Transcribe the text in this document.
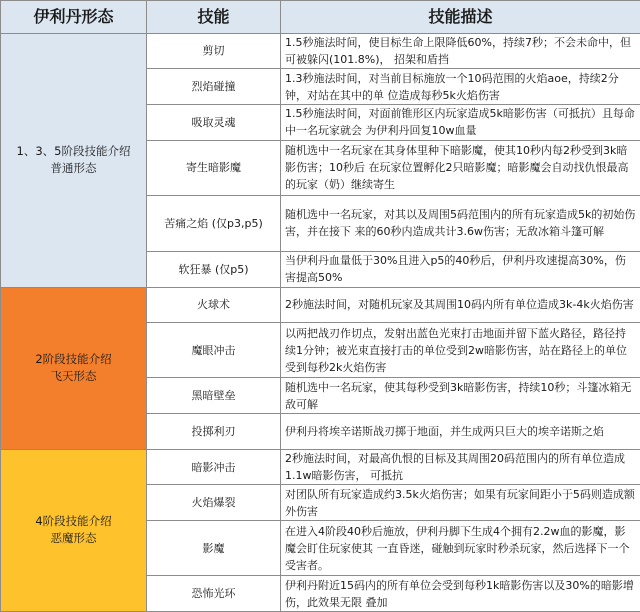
伊利丹形态	技能	技能描述

1、3、5阶段技能介绍
普通形态	剪切	1.5秒施法时间，使目标生命上限降低60%，持续7秒；不会未命中，但可被躲闪(101.8%)， 招架和盾挡
	烈焰碰撞	1.3秒施法时间，对当前目标施放一个10码范围的火焰aoe，持续2分钟，对站在其中的单 位造成每秒5k火焰伤害
	吸取灵魂	1.5秒施法时间，对面前锥形区内玩家造成5k暗影伤害（可抵抗）且每命中一名玩家就会 为伊利丹回复10w血量
	寄生暗影魔	随机选中一名玩家在其身体里种下暗影魔，使其10秒内每2秒受到3k暗影伤害；10秒后 在玩家位置孵化2只暗影魔；暗影魔会自动找仇恨最高的玩家（奶）继续寄生
	苦痛之焰 (仅p3,p5)	随机选中一名玩家，对其以及周围5码范围内的所有玩家造成5k的初始伤害，并在接下 来的60秒内造成共计3.6w伤害；无敌冰箱斗篷可解
	软狂暴 (仅p5)	当伊利丹血量低于30%且进入p5的40秒后，伊利丹攻速提高30%，伤害提高50%

2阶段技能介绍
飞天形态	火球术	2秒施法时间，对随机玩家及其周围10码内所有单位造成3k-4k火焰伤害
	魔眼冲击	以两把战刃作切点，发射出蓝色光束打击地面并留下蓝火路径，路径持续1分钟；被光束直接打击的单位受到2w暗影伤害，站在路径上的单位受到每秒2k火焰伤害
	黑暗壁垒	随机选中一名玩家，使其每秒受到3k暗影伤害，持续10秒；斗篷冰箱无敌可解
	投掷利刃	伊利丹将埃辛诺斯战刃掷于地面，并生成两只巨大的埃辛诺斯之焰

4阶段技能介绍
恶魔形态	暗影冲击	2秒施法时间，对最高仇恨的目标及其周围20码范围内的所有单位造成1.1w暗影伤害， 可抵抗
	火焰爆裂	对团队所有玩家造成约3.5k火焰伤害；如果有玩家间距小于5码则造成额外伤害
	影魔	在进入4阶段40秒后施放，伊利丹脚下生成4个拥有2.2w血的影魔，影魔会盯住玩家使其 一直昏迷，碰触到玩家时秒杀玩家，然后选择下一个受害者。
	恐怖光环	伊利丹附近15码内的所有单位会受到每秒1k暗影伤害以及30%的暗影增伤，此效果无限 叠加
